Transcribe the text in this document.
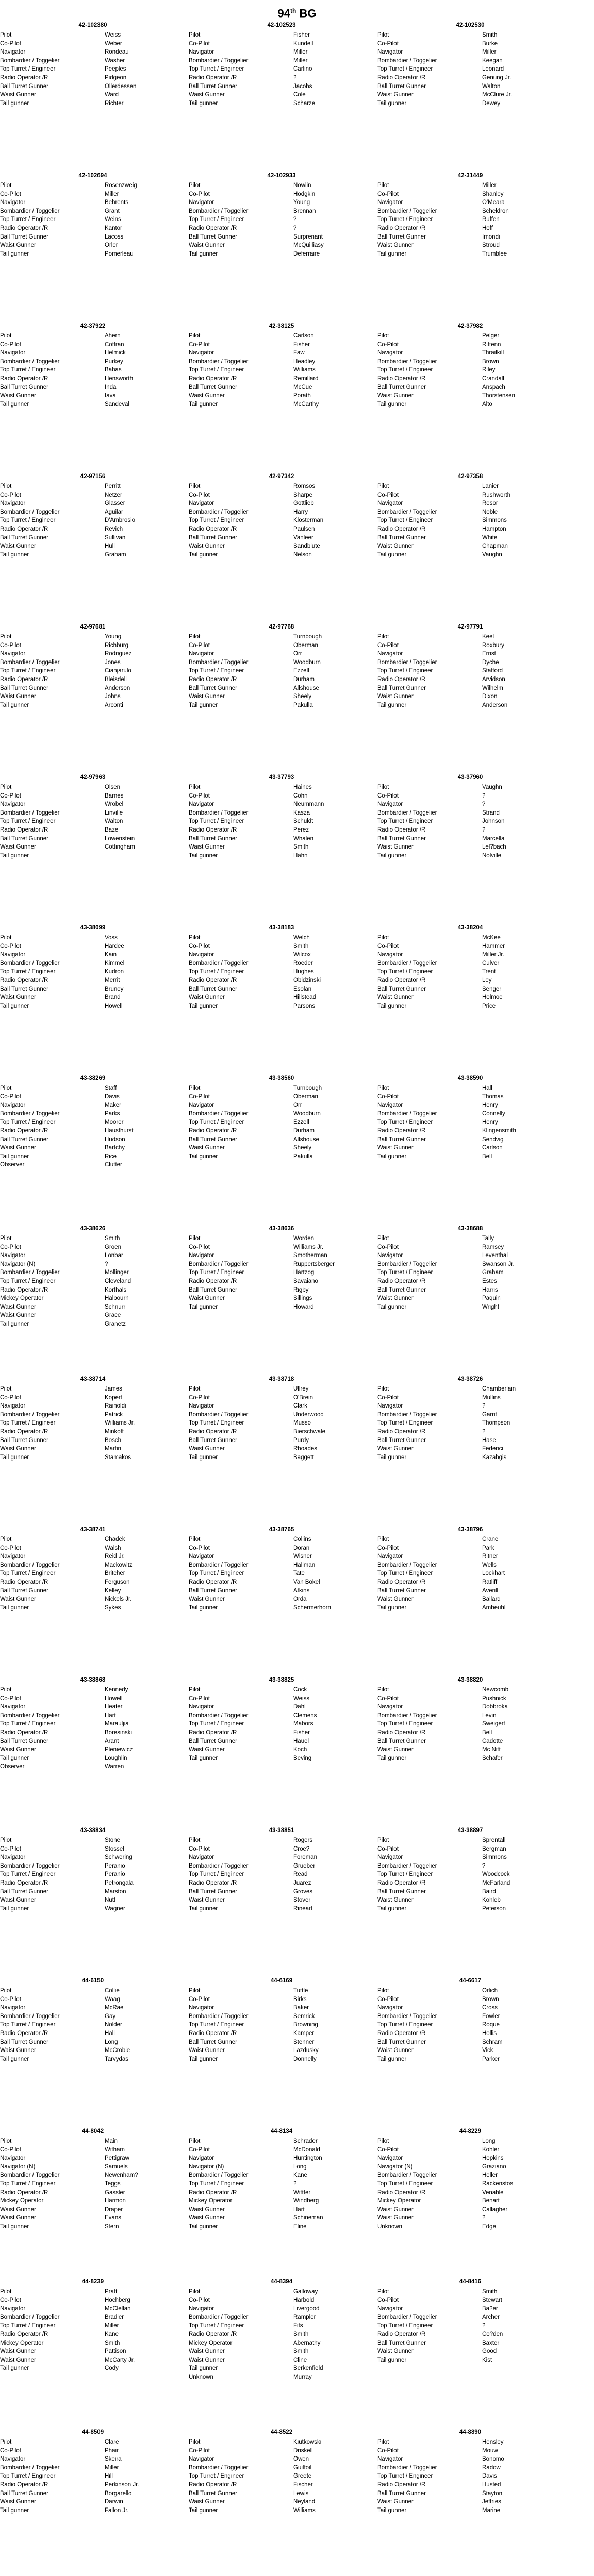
94th BG
42-102380
Pilot	Weiss
Co-Pilot	Weber
Navigator	Rondeau
Bombardier / Toggelier	Washer
Top Turret / Engineer	Peeples
Radio Operator /R	Pidgeon
Ball Turret Gunner	Ollerdessen
Waist Gunner	Ward
Tail gunner	Richter
42-102523
Pilot	Fisher
Co-Pilot	Kundell
Navigator	Miller
Bombardier / Toggelier	Miller
Top Turret / Engineer	Carlino
Radio Operator /R	?
Ball Turret Gunner	Jacobs
Waist Gunner	Cole
Tail gunner	Scharze
42-102530
Pilot	Smith
Co-Pilot	Burke
Navigator	Miller
Bombardier / Toggelier	Keegan
Top Turret / Engineer	Leonard
Radio Operator /R	Genung Jr.
Ball Turret Gunner	Walton
Waist Gunner	McClure Jr.
Tail gunner	Dewey
42-102694
Pilot	Rosenzweig
Co-Pilot	Miller
Navigator	Behrents
Bombardier / Toggelier	Grant
Top Turret / Engineer	Weins
Radio Operator /R	Kantor
Ball Turret Gunner	Lacoss
Waist Gunner	Orler
Tail gunner	Pomerleau
42-102933
Pilot	Nowlin
Co-Pilot	Hodgkin
Navigator	Young
Bombardier / Toggelier	Brennan
Top Turret / Engineer	?
Radio Operator /R	?
Ball Turret Gunner	Surprenant
Waist Gunner	McQuilliasy
Tail gunner	Deferraire
42-31449
Pilot	Miller
Co-Pilot	Shanley
Navigator	O'Meara
Bombardier / Toggelier	Scheldron
Top Turret / Engineer	Ruffen
Radio Operator /R	Hoff
Ball Turret Gunner	Imondi
Waist Gunner	Stroud
Tail gunner	Trumblee
42-37922
Pilot	Ahern
Co-Pilot	Coffran
Navigator	Helmick
Bombardier / Toggelier	Purkey
Top Turret / Engineer	Bahas
Radio Operator /R	Hensworth
Ball Turret Gunner	Inda
Waist Gunner	Iava
Tail gunner	Sandeval
42-38125
Pilot	Carlson
Co-Pilot	Fisher
Navigator	Faw
Bombardier / Toggelier	Headley
Top Turret / Engineer	Williams
Radio Operator /R	Remillard
Ball Turret Gunner	McCue
Waist Gunner	Porath
Tail gunner	McCarthy
42-37982
Pilot	Pelger
Co-Pilot	Rittenn
Navigator	Thrailkill
Bombardier / Toggelier	Brown
Top Turret / Engineer	Riley
Radio Operator /R	Crandall
Ball Turret Gunner	Anspach
Waist Gunner	Thorstensen
Tail gunner	Alto
42-97156
Pilot	Perritt
Co-Pilot	Netzer
Navigator	Glasser
Bombardier / Toggelier	Aguilar
Top Turret / Engineer	D'Ambrosio
Radio Operator /R	Revich
Ball Turret Gunner	Sullivan
Waist Gunner	Hull
Tail gunner	Graham
42-97342
Pilot	Romsos
Co-Pilot	Sharpe
Navigator	Gottlieb
Bombardier / Toggelier	Harry
Top Turret / Engineer	Klosterman
Radio Operator /R	Paulsen
Ball Turret Gunner	Vanleer
Waist Gunner	Sandblute
Tail gunner	Nelson
42-97358
Pilot	Lanier
Co-Pilot	Rushworth
Navigator	Resor
Bombardier / Toggelier	Noble
Top Turret / Engineer	Simmons
Radio Operator /R	Hampton
Ball Turret Gunner	White
Waist Gunner	Chapman
Tail gunner	Vaughn
42-97681
Pilot	Young
Co-Pilot	Richburg
Navigator	Rodriguez
Bombardier / Toggelier	Jones
Top Turret / Engineer	Cianjarulo
Radio Operator /R	Bleisdell
Ball Turret Gunner	Anderson
Waist Gunner	Johns
Tail gunner	Arconti
42-97768
Pilot	Turnbough
Co-Pilot	Oberman
Navigator	Orr
Bombardier / Toggelier	Woodburn
Top Turret / Engineer	Ezzell
Radio Operator /R	Durham
Ball Turret Gunner	Allshouse
Waist Gunner	Sheely
Tail gunner	Pakulla
42-97791
Pilot	Keel
Co-Pilot	Roxbury
Navigator	Ernst
Bombardier / Toggelier	Dyche
Top Turret / Engineer	Stafford
Radio Operator /R	Arvidson
Ball Turret Gunner	Wilhelm
Waist Gunner	Dixon
Tail gunner	Anderson
42-97963
Pilot	Olsen
Co-Pilot	Barnes
Navigator	Wrobel
Bombardier / Toggelier	Linville
Top Turret / Engineer	Walton
Radio Operator /R	Baze
Ball Turret Gunner	Lowenstein
Waist Gunner	Cottingham
Tail gunner
43-37793
Pilot	Haines
Co-Pilot	Cohn
Navigator	Neummann
Bombardier / Toggelier	Kasza
Top Turret / Engineer	Schuldt
Radio Operator /R	Perez
Ball Turret Gunner	Whalen
Waist Gunner	Smith
Tail gunner	Hahn
43-37960
Pilot	Vaughn
Co-Pilot	?
Navigator	?
Bombardier / Toggelier	Strand
Top Turret / Engineer	Johnson
Radio Operator /R	?
Ball Turret Gunner	Marcella
Waist Gunner	Lel?bach
Tail gunner	Nolville
43-38099
Pilot	Voss
Co-Pilot	Hardee
Navigator	Kain
Bombardier / Toggelier	Kimmel
Top Turret / Engineer	Kudron
Radio Operator /R	Merrit
Ball Turret Gunner	Bruney
Waist Gunner	Brand
Tail gunner	Howell
43-38183
Pilot	Welch
Co-Pilot	Smith
Navigator	Wilcox
Bombardier / Toggelier	Roeder
Top Turret / Engineer	Hughes
Radio Operator /R	Obidzinski
Ball Turret Gunner	Esolan
Waist Gunner	Hillstead
Tail gunner	Parsons
43-38204
Pilot	McKee
Co-Pilot	Hammer
Navigator	Miller Jr.
Bombardier / Toggelier	Culver
Top Turret / Engineer	Trent
Radio Operator /R	Ley
Ball Turret Gunner	Senger
Waist Gunner	Holmoe
Tail gunner	Price
43-38269
Pilot	Staff
Co-Pilot	Davis
Navigator	Maker
Bombardier / Toggelier	Parks
Top Turret / Engineer	Moorer
Radio Operator /R	Hausthurst
Ball Turret Gunner	Hudson
Waist Gunner	Bartchy
Tail gunner	Rice
Observer	Clutter
43-38560
Pilot	Turnbough
Co-Pilot	Oberman
Navigator	Orr
Bombardier / Toggelier	Woodburn
Top Turret / Engineer	Ezzell
Radio Operator /R	Durham
Ball Turret Gunner	Allshouse
Waist Gunner	Sheely
Tail gunner	Pakulla
43-38590
Pilot	Hall
Co-Pilot	Thomas
Navigator	Henry
Bombardier / Toggelier	Connelly
Top Turret / Engineer	Henry
Radio Operator /R	Klingensmith
Ball Turret Gunner	Sendvig
Waist Gunner	Carlson
Tail gunner	Bell
43-38626
Pilot	Smith
Co-Pilot	Groen
Navigator	Lonbar
Navigator (N)	?
Bombardier / Toggelier	Mollinger
Top Turret / Engineer	Cleveland
Radio Operator /R	Korthals
Mickey Operator	Halbourn
Waist Gunner	Schnurr
Waist Gunner	Grace
Tail gunner	Granetz
43-38636
Pilot	Worden
Co-Pilot	Williams Jr.
Navigator	Smotherman
Bombardier / Toggelier	Ruppertsberger
Top Turret / Engineer	Hartzog
Radio Operator /R	Savaiano
Ball Turret Gunner	Rigby
Waist Gunner	Sillings
Tail gunner	Howard
43-38688
Pilot	Tally
Co-Pilot	Ramsey
Navigator	Leventhal
Bombardier / Toggelier	Swanson Jr.
Top Turret / Engineer	Graham
Radio Operator /R	Estes
Ball Turret Gunner	Harris
Waist Gunner	Paquin
Tail gunner	Wright
43-38714
Pilot	James
Co-Pilot	Kopert
Navigator	Rainoldi
Bombardier / Toggelier	Patrick
Top Turret / Engineer	Williams Jr.
Radio Operator /R	Minkoff
Ball Turret Gunner	Bosch
Waist Gunner	Martin
Tail gunner	Stamakos
43-38718
Pilot	Ullrey
Co-Pilot	O'Brein
Navigator	Clark
Bombardier / Toggelier	Underwood
Top Turret / Engineer	Musso
Radio Operator /R	Bierschwale
Ball Turret Gunner	Purdy
Waist Gunner	Rhoades
Tail gunner	Baggett
43-38726
Pilot	Chamberlain
Co-Pilot	Mullins
Navigator	?
Bombardier / Toggelier	Garrit
Top Turret / Engineer	Thompson
Radio Operator /R	?
Ball Turret Gunner	Hase
Waist Gunner	Federici
Tail gunner	Kazahgis
43-38741
Pilot	Chadek
Co-Pilot	Walsh
Navigator	Reid Jr.
Bombardier / Toggelier	Mackowitz
Top Turret / Engineer	Britcher
Radio Operator /R	Ferguson
Ball Turret Gunner	Kelley
Waist Gunner	Nickels Jr.
Tail gunner	Sykes
43-38765
Pilot	Collins
Co-Pilot	Doran
Navigator	Wisner
Bombardier / Toggelier	Hallman
Top Turret / Engineer	Tate
Radio Operator /R	Van Bokel
Ball Turret Gunner	Atkins
Waist Gunner	Orda
Tail gunner	Schermerhorn
43-38796
Pilot	Crane
Co-Pilot	Park
Navigator	Ritner
Bombardier / Toggelier	Wells
Top Turret / Engineer	Lockhart
Radio Operator /R	Ratliff
Ball Turret Gunner	Averill
Waist Gunner	Ballard
Tail gunner	Ambeuhl
43-38868
Pilot	Kennedy
Co-Pilot	Howell
Navigator	Heater
Bombardier / Toggelier	Hart
Top Turret / Engineer	Marauljia
Radio Operator /R	Boresinski
Ball Turret Gunner	Arant
Waist Gunner	Pleniewicz
Tail gunner	Loughlin
Observer	Warren
43-38825
Pilot	Cock
Co-Pilot	Weiss
Navigator	Dahl
Bombardier / Toggelier	Clemens
Top Turret / Engineer	Mabors
Radio Operator /R	Fisher
Ball Turret Gunner	Hauel
Waist Gunner	Koch
Tail gunner	Beving
43-38820
Pilot	Newcomb
Co-Pilot	Pushnick
Navigator	Dobbroka
Bombardier / Toggelier	Levin
Top Turret / Engineer	Sweigert
Radio Operator /R	Bell
Ball Turret Gunner	Cadotte
Waist Gunner	Mc Nitt
Tail gunner	Schafer
43-38834
Pilot	Stone
Co-Pilot	Stossel
Navigator	Schwering
Bombardier / Toggelier	Peranio
Top Turret / Engineer	Peranio
Radio Operator /R	Petrongala
Ball Turret Gunner	Marston
Waist Gunner	Nutt
Tail gunner	Wagner
43-38851
Pilot	Rogers
Co-Pilot	Croe?
Navigator	Foreman
Bombardier / Toggelier	Grueber
Top Turret / Engineer	Read
Radio Operator /R	Juarez
Ball Turret Gunner	Groves
Waist Gunner	Stover
Tail gunner	Rineart
43-38897
Pilot	Sprentall
Co-Pilot	Bergman
Navigator	Simmons
Bombardier / Toggelier	?
Top Turret / Engineer	Woodcock
Radio Operator /R	McFarland
Ball Turret Gunner	Baird
Waist Gunner	Kohleb
Tail gunner	Peterson
44-6150
Pilot	Collie
Co-Pilot	Waag
Navigator	McRae
Bombardier / Toggelier	Gay
Top Turret / Engineer	Nolder
Radio Operator /R	Hall
Ball Turret Gunner	Long
Waist Gunner	McCrobie
Tail gunner	Tarvydas
44-6169
Pilot	Tuttle
Co-Pilot	Birks
Navigator	Baker
Bombardier / Toggelier	Semrick
Top Turret / Engineer	Browning
Radio Operator /R	Kamper
Ball Turret Gunner	Stenner
Waist Gunner	Lazdusky
Tail gunner	Donnelly
44-6617
Pilot	Orlich
Co-Pilot	Brown
Navigator	Cross
Bombardier / Toggelier	Fowler
Top Turret / Engineer	Roque
Radio Operator /R	Hollis
Ball Turret Gunner	Schram
Waist Gunner	Vick
Tail gunner	Parker
44-8042
Pilot	Main
Co-Pilot	Witham
Navigator	Pettigraw
Navigator (N)	Samuels
Bombardier / Toggelier	Newenham?
Top Turret / Engineer	Teggs
Radio Operator /R	Gassler
Mickey Operator	Harmon
Waist Gunner	Draper
Waist Gunner	Evans
Tail gunner	Stern
44-8134
Pilot	Schrader
Co-Pilot	McDonald
Navigator	Huntington
Navigator (N)	Long
Bombardier / Toggelier	Kane
Top Turret / Engineer	?
Radio Operator /R	Wittfer
Mickey Operator	Windberg
Waist Gunner	Hart
Waist Gunner	Schineman
Tail gunner	Eline
44-8229
Pilot	Long
Co-Pilot	Kohler
Navigator	Hopkins
Navigator (N)	Graziano
Bombardier / Toggelier	Heller
Top Turret / Engineer	Rackenstos
Radio Operator /R	Venable
Mickey Operator	Benart
Waist Gunner	Callagher
Waist Gunner	?
Unknown	Edge
44-8239
Pilot	Pratt
Co-Pilot	Hochberg
Navigator	McClellan
Bombardier / Toggelier	Bradler
Top Turret / Engineer	Miller
Radio Operator /R	Kane
Mickey Operator	Smith
Waist Gunner	Pattison
Waist Gunner	McCarty Jr.
Tail gunner	Cody
44-8394
Pilot	Galloway
Co-Pilot	Harbold
Navigator	Livergood
Bombardier / Toggelier	Rampler
Top Turret / Engineer	Fits
Radio Operator /R	Smith
Mickey Operator	Abernathy
Waist Gunner	Smith
Waist Gunner	Cline
Tail gunner	Berkenfield
Unknown	Murray
44-8416
Pilot	Smith
Co-Pilot	Stewart
Navigator	Ba?er
Bombardier / Toggelier	Archer
Top Turret / Engineer	?
Radio Operator /R	Co?den
Ball Turret Gunner	Baxter
Waist Gunner	Good
Tail gunner	Kist
44-8509
Pilot	Clare
Co-Pilot	Phair
Navigator	Skeira
Bombardier / Toggelier	Miller
Top Turret / Engineer	Hill
Radio Operator /R	Perkinson Jr.
Ball Turret Gunner	Borgarello
Waist Gunner	Darwin
Tail gunner	Fallon Jr.
44-8522
Pilot	Kiutkowski
Co-Pilot	Driskell
Navigator	Owen
Bombardier / Toggelier	Guilfoil
Top Turret / Engineer	Greete
Radio Operator /R	Fischer
Ball Turret Gunner	Lewis
Waist Gunner	Neyland
Tail gunner	Williams
44-8890
Pilot	Hensley
Co-Pilot	Mouw
Navigator	Bonomo
Bombardier / Toggelier	Radow
Top Turret / Engineer	Davis
Radio Operator /R	Husted
Ball Turret Gunner	Stayton
Waist Gunner	Jeffries
Tail gunner	Marine
